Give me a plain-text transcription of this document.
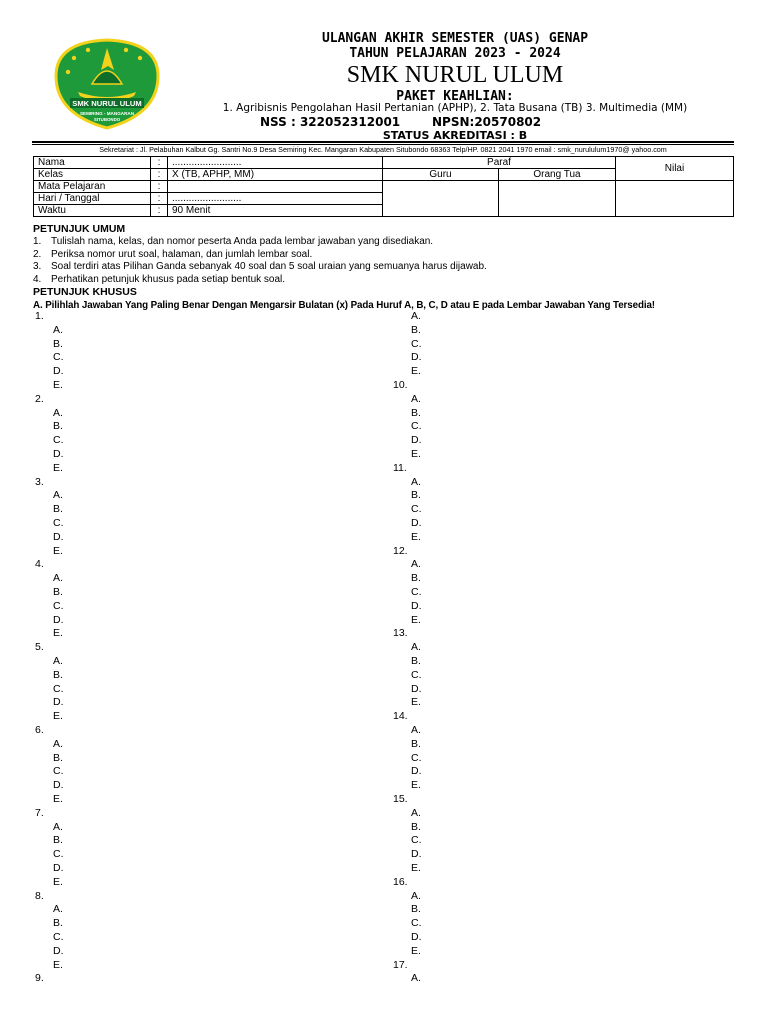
SMK NURUL ULUM
SEMIRING - MANGARAN
SITUBONDO
ULANGAN AKHIR SEMESTER (UAS) GENAP
TAHUN PELAJARAN 2023 - 2024
SMK NURUL ULUM
PAKET KEAHLIAN:
1. Agribisnis Pengolahan Hasil Pertanian (APHP), 2. Tata Busana (TB) 3. Multimedia (MM)
NSS : 322052312001	NPSN:20570802
STATUS AKREDITASI : B
Sekretariat : Jl. Pelabuhan Kalbut Gg. Santri No.9 Desa Semiring Kec. Mangaran Kabupaten Situbondo 68363 Telp/HP. 0821 2041 1970 email : smk_nurululum1970@ yahoo.com
Nama	:	.........................	Paraf		Nilai
Kelas	:	X (TB, APHP, MM)	Guru	Orang Tua	
Mata Pelajaran	:				
Hari / Tanggal	:	.........................			
Waktu	:	90 Menit			
PETUNJUK UMUM
1. Tulislah nama, kelas, dan nomor peserta Anda pada lembar jawaban yang disediakan.
2. Periksa nomor urut soal, halaman, dan jumlah lembar soal.
3. Soal terdiri atas Pilihan Ganda sebanyak 40 soal dan 5 soal uraian yang semuanya harus dijawab.
4. Perhatikan petunjuk khusus pada setiap bentuk soal.
PETUNJUK KHUSUS
A. Pilihlah Jawaban Yang Paling Benar Dengan Mengarsir Bulatan (x) Pada Huruf A, B, C, D atau E pada Lembar Jawaban Yang Tersedia!
1.
A.
B.
C.
D.
E.
2.
A.
B.
C.
D.
E.
3.
A.
B.
C.
D.
E.
4.
A.
B.
C.
D.
E.
5.
A.
B.
C.
D.
E.
6.
A.
B.
C.
D.
E.
7.
A.
B.
C.
D.
E.
8.
A.
B.
C.
D.
E.
9.
A.
B.
C.
D.
E.
10.
A.
B.
C.
D.
E.
11.
A.
B.
C.
D.
E.
12.
A.
B.
C.
D.
E.
13.
A.
B.
C.
D.
E.
14.
A.
B.
C.
D.
E.
15.
A.
B.
C.
D.
E.
16.
A.
B.
C.
D.
E.
17.
A.
